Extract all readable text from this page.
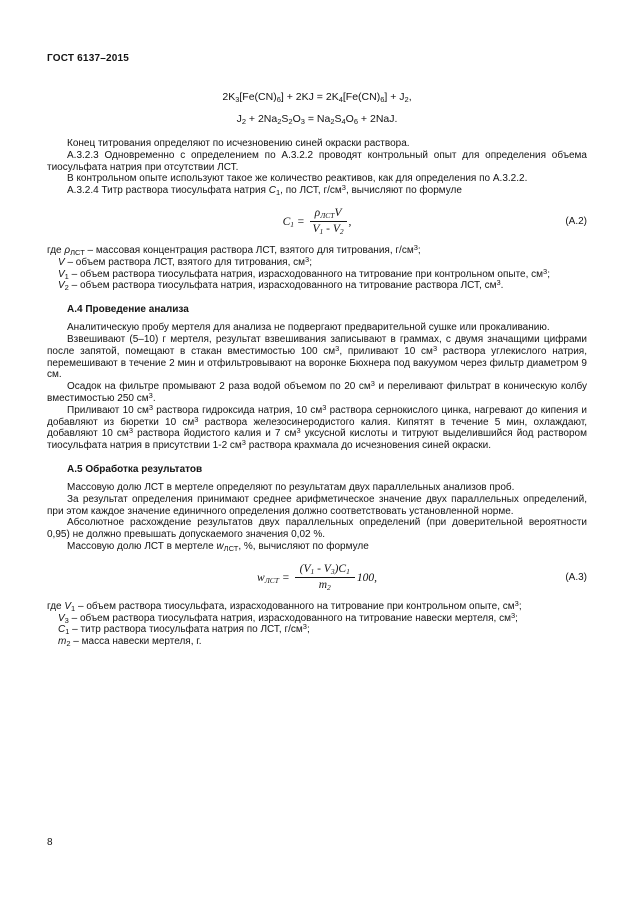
ГОСТ 6137–2015
$2K_3[Fe(CN)_6] + 2KJ = 2K_4[Fe(CN)_6] + J_2$,
$J_2 + 2Na_2S_2O_3 = Na_2S_4O_6 + 2NaJ$.

Конец титрования определяют по исчезновению синей окраски раствора.

А.3.2.3 Одновременно с определением по А.3.2.2 проводят контрольный опыт для определения объема тиосульфата натрия при отсутствии ЛСТ.

В контрольном опыте используют такое же количество реактивов, как для определения по А.3.2.2.

А.3.2.4 Титр раствора тиосульфата натрия $C_1$, по ЛСТ, $г/см^3$, вычисляют по формуле

$C_1 = \frac{\rho_{ЛСТ}V}{V_1 - V_2}$ ,	(А.2)
где $\rho_{ЛСТ}$ – массовая концентрация раствора ЛСТ, взятого для титрования, $г/см^3$;
V – объем раствора ЛСТ, взятого для титрования, $см^3$;
$V_1$ – объем раствора тиосульфата натрия, израсходованного на титрование при контрольном опыте, $см^3$;
$V_2$ – объем раствора тиосульфата натрия, израсходованного на титрование раствора ЛСТ, $см^3$.
А.4 Проведение анализа

Аналитическую пробу мертеля для анализа не подвергают предварительной сушке или прокаливанию.

Взвешивают (5–10) г мертеля, результат взвешивания записывают в граммах, с двумя значащими цифрами после запятой, помещают в стакан вместимостью 100 $см^3$, приливают 10 $см^3$ раствора углекислого натрия, перемешивают в течение 2 мин и отфильтровывают на воронке Бюхнера под вакуумом через фильтр диаметром 9 см.

Осадок на фильтре промывают 2 раза водой объемом по 20 $см^3$ и переливают фильтрат в коническую колбу вместимостью 250 $см^3$.

Приливают 10 $см^3$ раствора гидроксида натрия, 10 $см^3$ раствора сернокислого цинка, нагревают до кипения и добавляют из бюретки 10 $см^3$ раствора железосинеродистого калия. Кипятят в течение 5 мин, охлаждают, добавляют 10 $см^3$ раствора йодистого калия и 7 $см^3$ уксусной кислоты и титруют выделившийся йод раствором тиосульфата натрия в присутствии 1-2 $см^3$ раствора крахмала до исчезновения синей окраски.

А.5 Обработка результатов

Массовую долю ЛСТ в мертеле определяют по результатам двух параллельных анализов проб.

За результат определения принимают среднее арифметическое значение двух параллельных определений, при этом каждое значение единичного определения должно соответствовать установленной норме.

Абсолютное расхождение результатов двух параллельных определений (при доверительной вероятности 0,95) не должно превышать допускаемого значения 0,02 %.

Массовую долю ЛСТ в мертеле $w_{ЛСТ}$, %, вычисляют по формуле

$w_{ЛСТ} = \frac{(V_1 - V_3)C_1}{m_2} 100$,	(А.3)
где $V_1$ – объем раствора тиосульфата, израсходованного на титрование при контрольном опыте, $см^3$;
$V_3$ – объем раствора тиосульфата натрия, израсходованного на титрование навески мертеля, $см^3$;
$C_1$ – титр раствора тиосульфата натрия по ЛСТ, $г/см^3$;
$m_2$ – масса навески мертеля, г.
8
